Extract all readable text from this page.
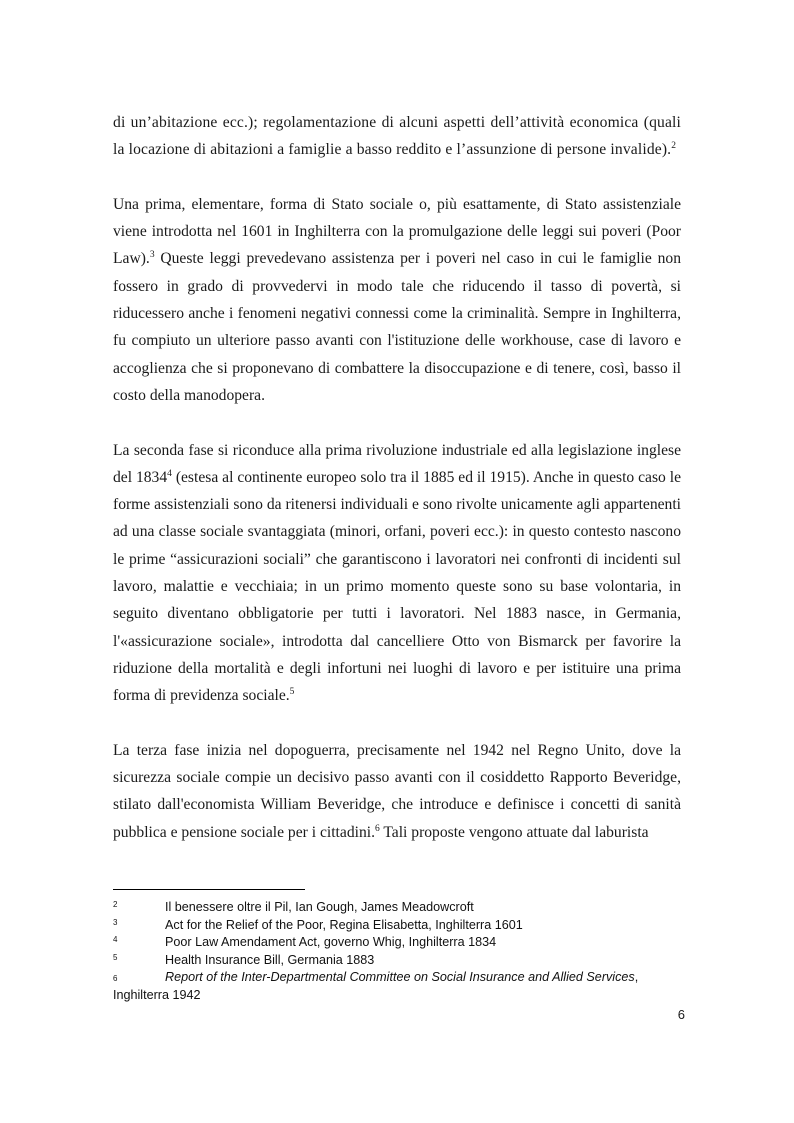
di un’abitazione ecc.); regolamentazione di alcuni aspetti dell’attività economica (quali la locazione di abitazioni a famiglie a basso reddito e l’assunzione di persone invalide).$^2$

Una prima, elementare, forma di Stato sociale o, più esattamente, di Stato assistenziale viene introdotta nel 1601 in Inghilterra con la promulgazione delle leggi sui poveri (Poor Law).$^3$ Queste leggi prevedevano assistenza per i poveri nel caso in cui le famiglie non fossero in grado di provvedervi in modo tale che riducendo il tasso di povertà, si riducessero anche i fenomeni negativi connessi come la criminalità. Sempre in Inghilterra, fu compiuto un ulteriore passo avanti con l'istituzione delle workhouse, case di lavoro e accoglienza che si proponevano di combattere la disoccupazione e di tenere, così, basso il costo della manodopera.

La seconda fase si riconduce alla prima rivoluzione industriale ed alla legislazione inglese del 1834$^4$ (estesa al continente europeo solo tra il 1885 ed il 1915). Anche in questo caso le forme assistenziali sono da ritenersi individuali e sono rivolte unicamente agli appartenenti ad una classe sociale svantaggiata (minori, orfani, poveri ecc.): in questo contesto nascono le prime “assicurazioni sociali” che garantiscono i lavoratori nei confronti di incidenti sul lavoro, malattie e vecchiaia; in un primo momento queste sono su base volontaria, in seguito diventano obbligatorie per tutti i lavoratori. Nel 1883 nasce, in Germania, l'«assicurazione sociale», introdotta dal cancelliere Otto von Bismarck per favorire la riduzione della mortalità e degli infortuni nei luoghi di lavoro e per istituire una prima forma di previdenza sociale.$^5$

La terza fase inizia nel dopoguerra, precisamente nel 1942 nel Regno Unito, dove la sicurezza sociale compie un decisivo passo avanti con il cosiddetto Rapporto Beveridge, stilato dall'economista William Beveridge, che introduce e definisce i concetti di sanità pubblica e pensione sociale per i cittadini.$^6$ Tali proposte vengono attuate dal laburista

2	Il benessere oltre il Pil, Ian Gough, James Meadowcroft
3	Act for the Relief of the Poor, Regina Elisabetta, Inghilterra 1601
4	Poor Law Amendament Act, governo Whig, Inghilterra 1834
5	Health Insurance Bill, Germania 1883
6	Report of the Inter-Departmental Committee on Social Insurance and Allied Services, Inghilterra 1942
6
